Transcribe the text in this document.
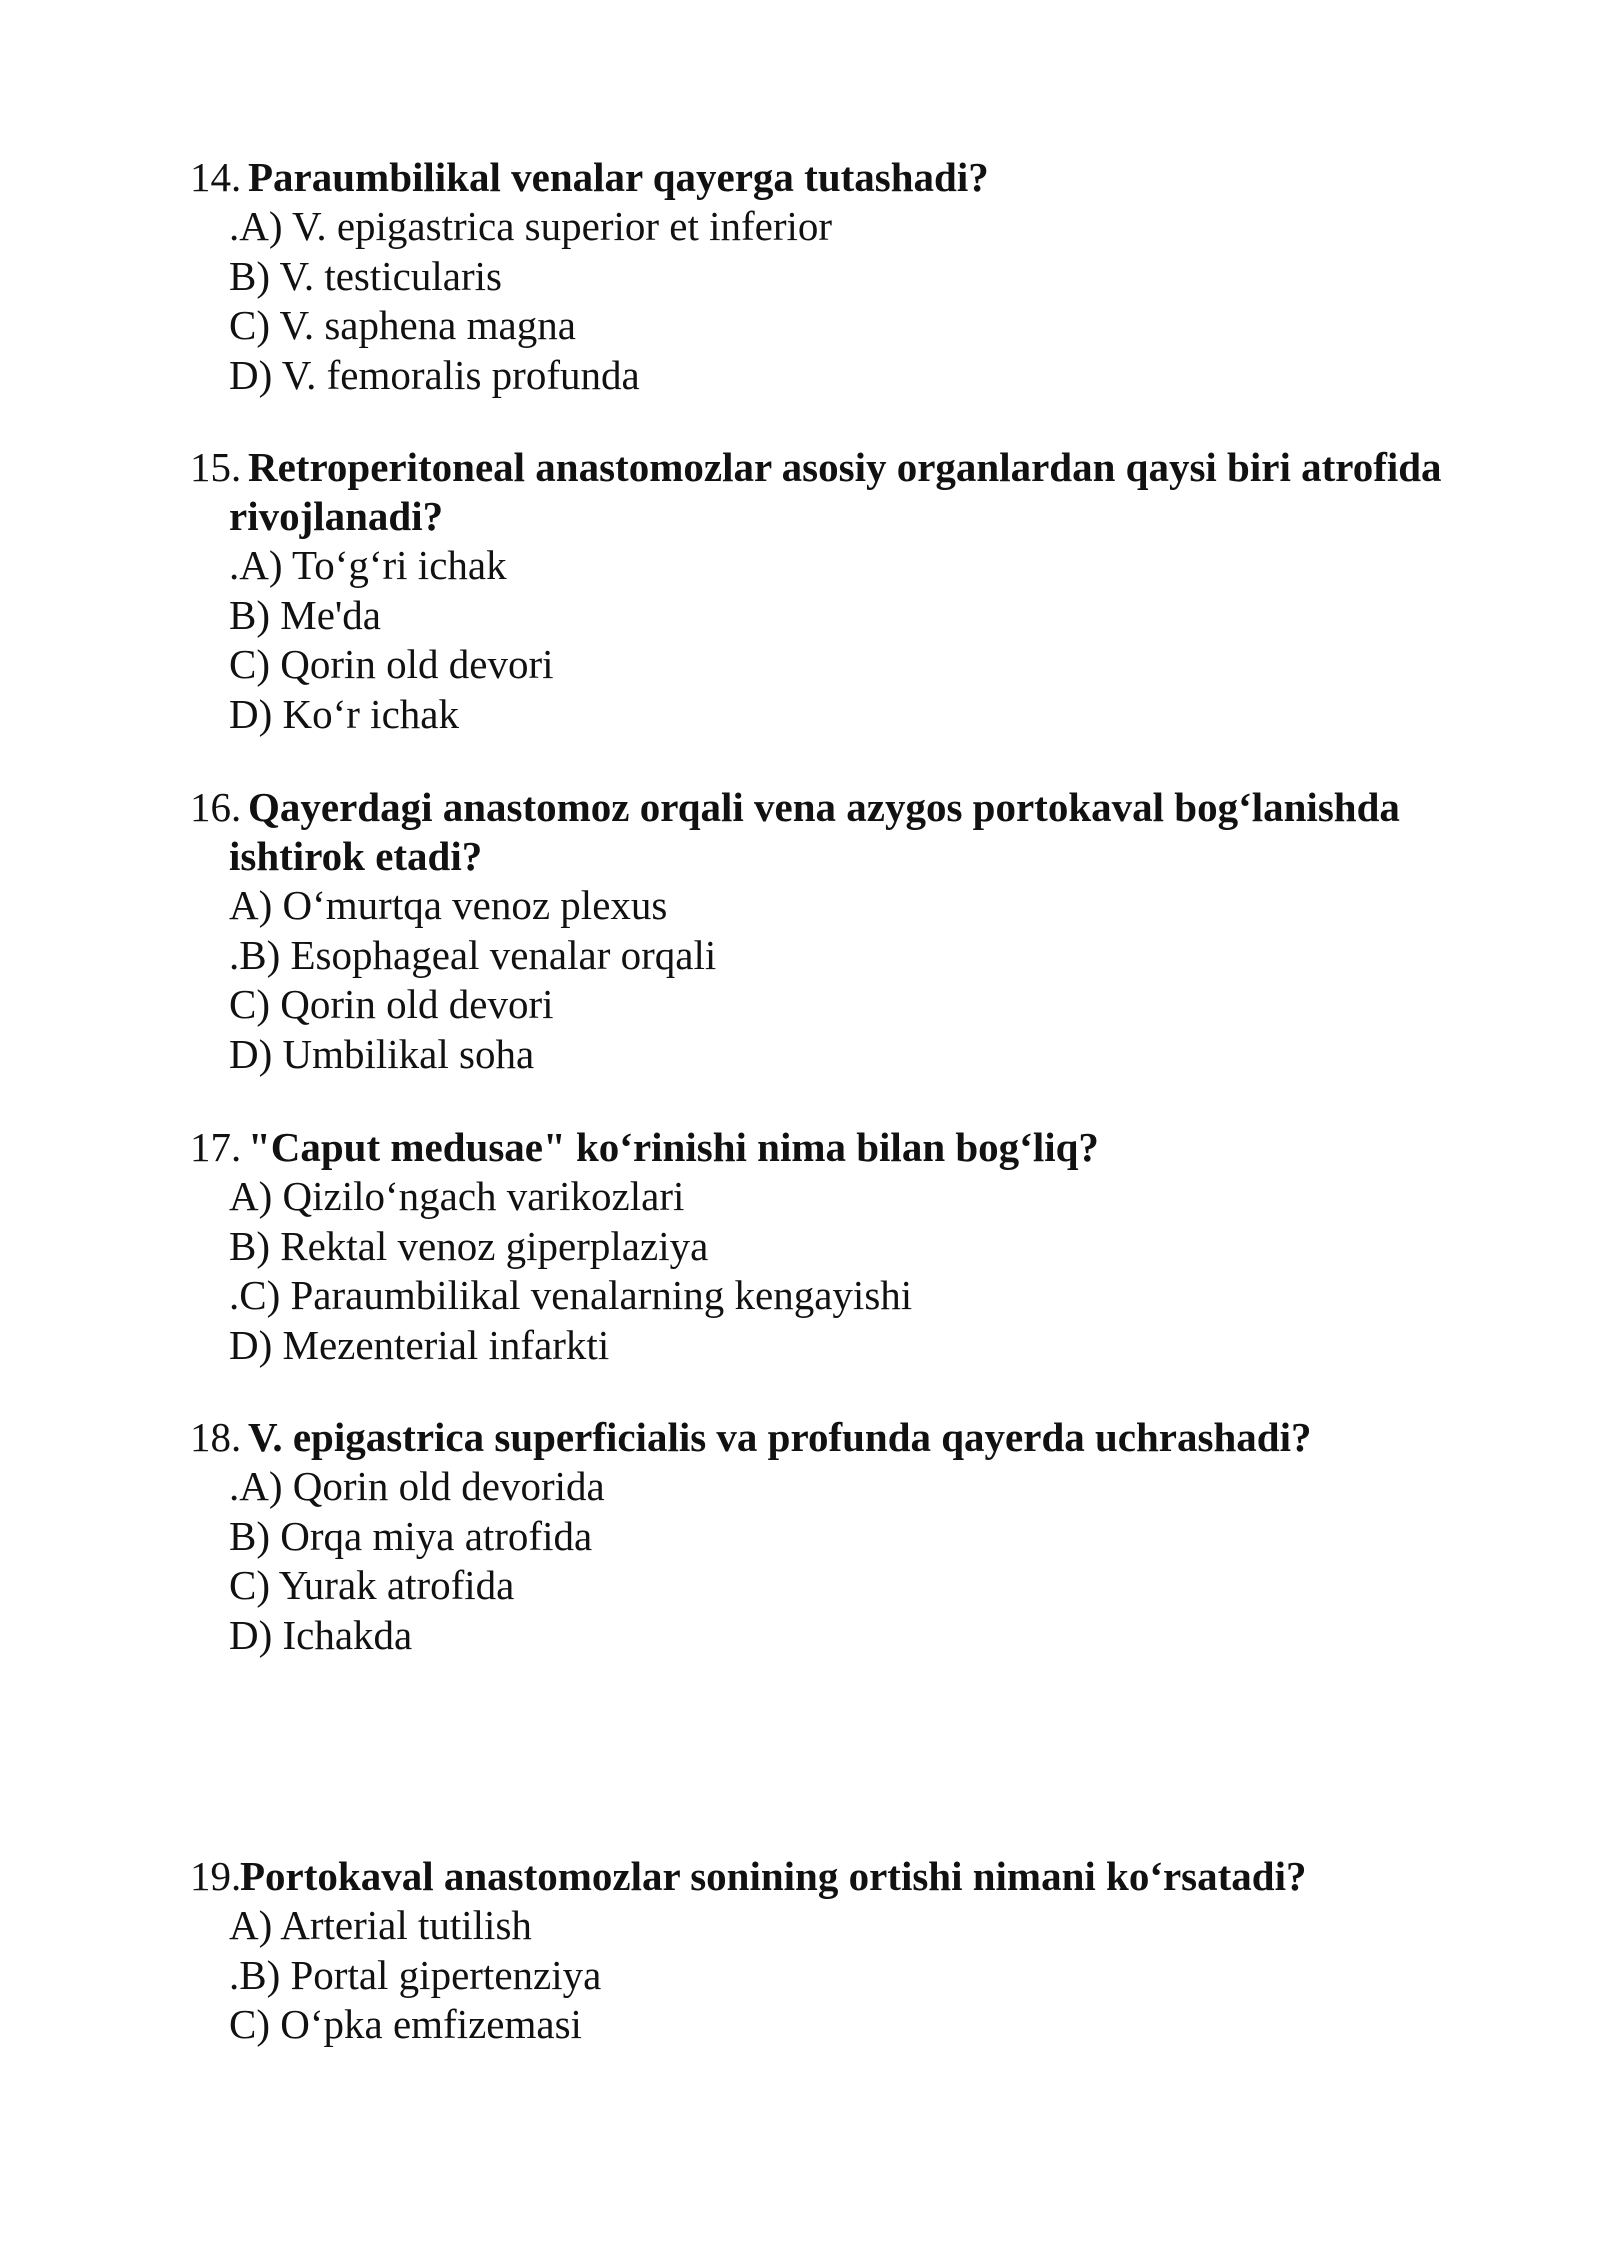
14. Paraumbilikal venalar qayerga tutashadi?
.A) V. epigastrica superior et inferior
B) V. testicularis
C) V. saphena magna
D) V. femoralis profunda
15. Retroperitoneal anastomozlar asosiy organlardan qaysi biri atrofida rivojlanadi?
.A) To‘g‘ri ichak
B) Me'da
C) Qorin old devori
D) Ko‘r ichak
16. Qayerdagi anastomoz orqali vena azygos portokaval bog‘lanishda ishtirok etadi?
A) O‘murtqa venoz plexus
.B) Esophageal venalar orqali
C) Qorin old devori
D) Umbilikal soha
17. "Caput medusae" ko‘rinishi nima bilan bog‘liq?
A) Qizilo‘ngach varikozlari
B) Rektal venoz giperplaziya
.C) Paraumbilikal venalarning kengayishi
D) Mezenterial infarkti
18. V. epigastrica superficialis va profunda qayerda uchrashadi?
.A) Qorin old devorida
B) Orqa miya atrofida
C) Yurak atrofida
D) Ichakda
19.
Portokaval anastomozlar sonining ortishi nimani ko‘rsatadi?
A) Arterial tutilish
.B) Portal gipertenziya
C) O‘pka emfizemasi
